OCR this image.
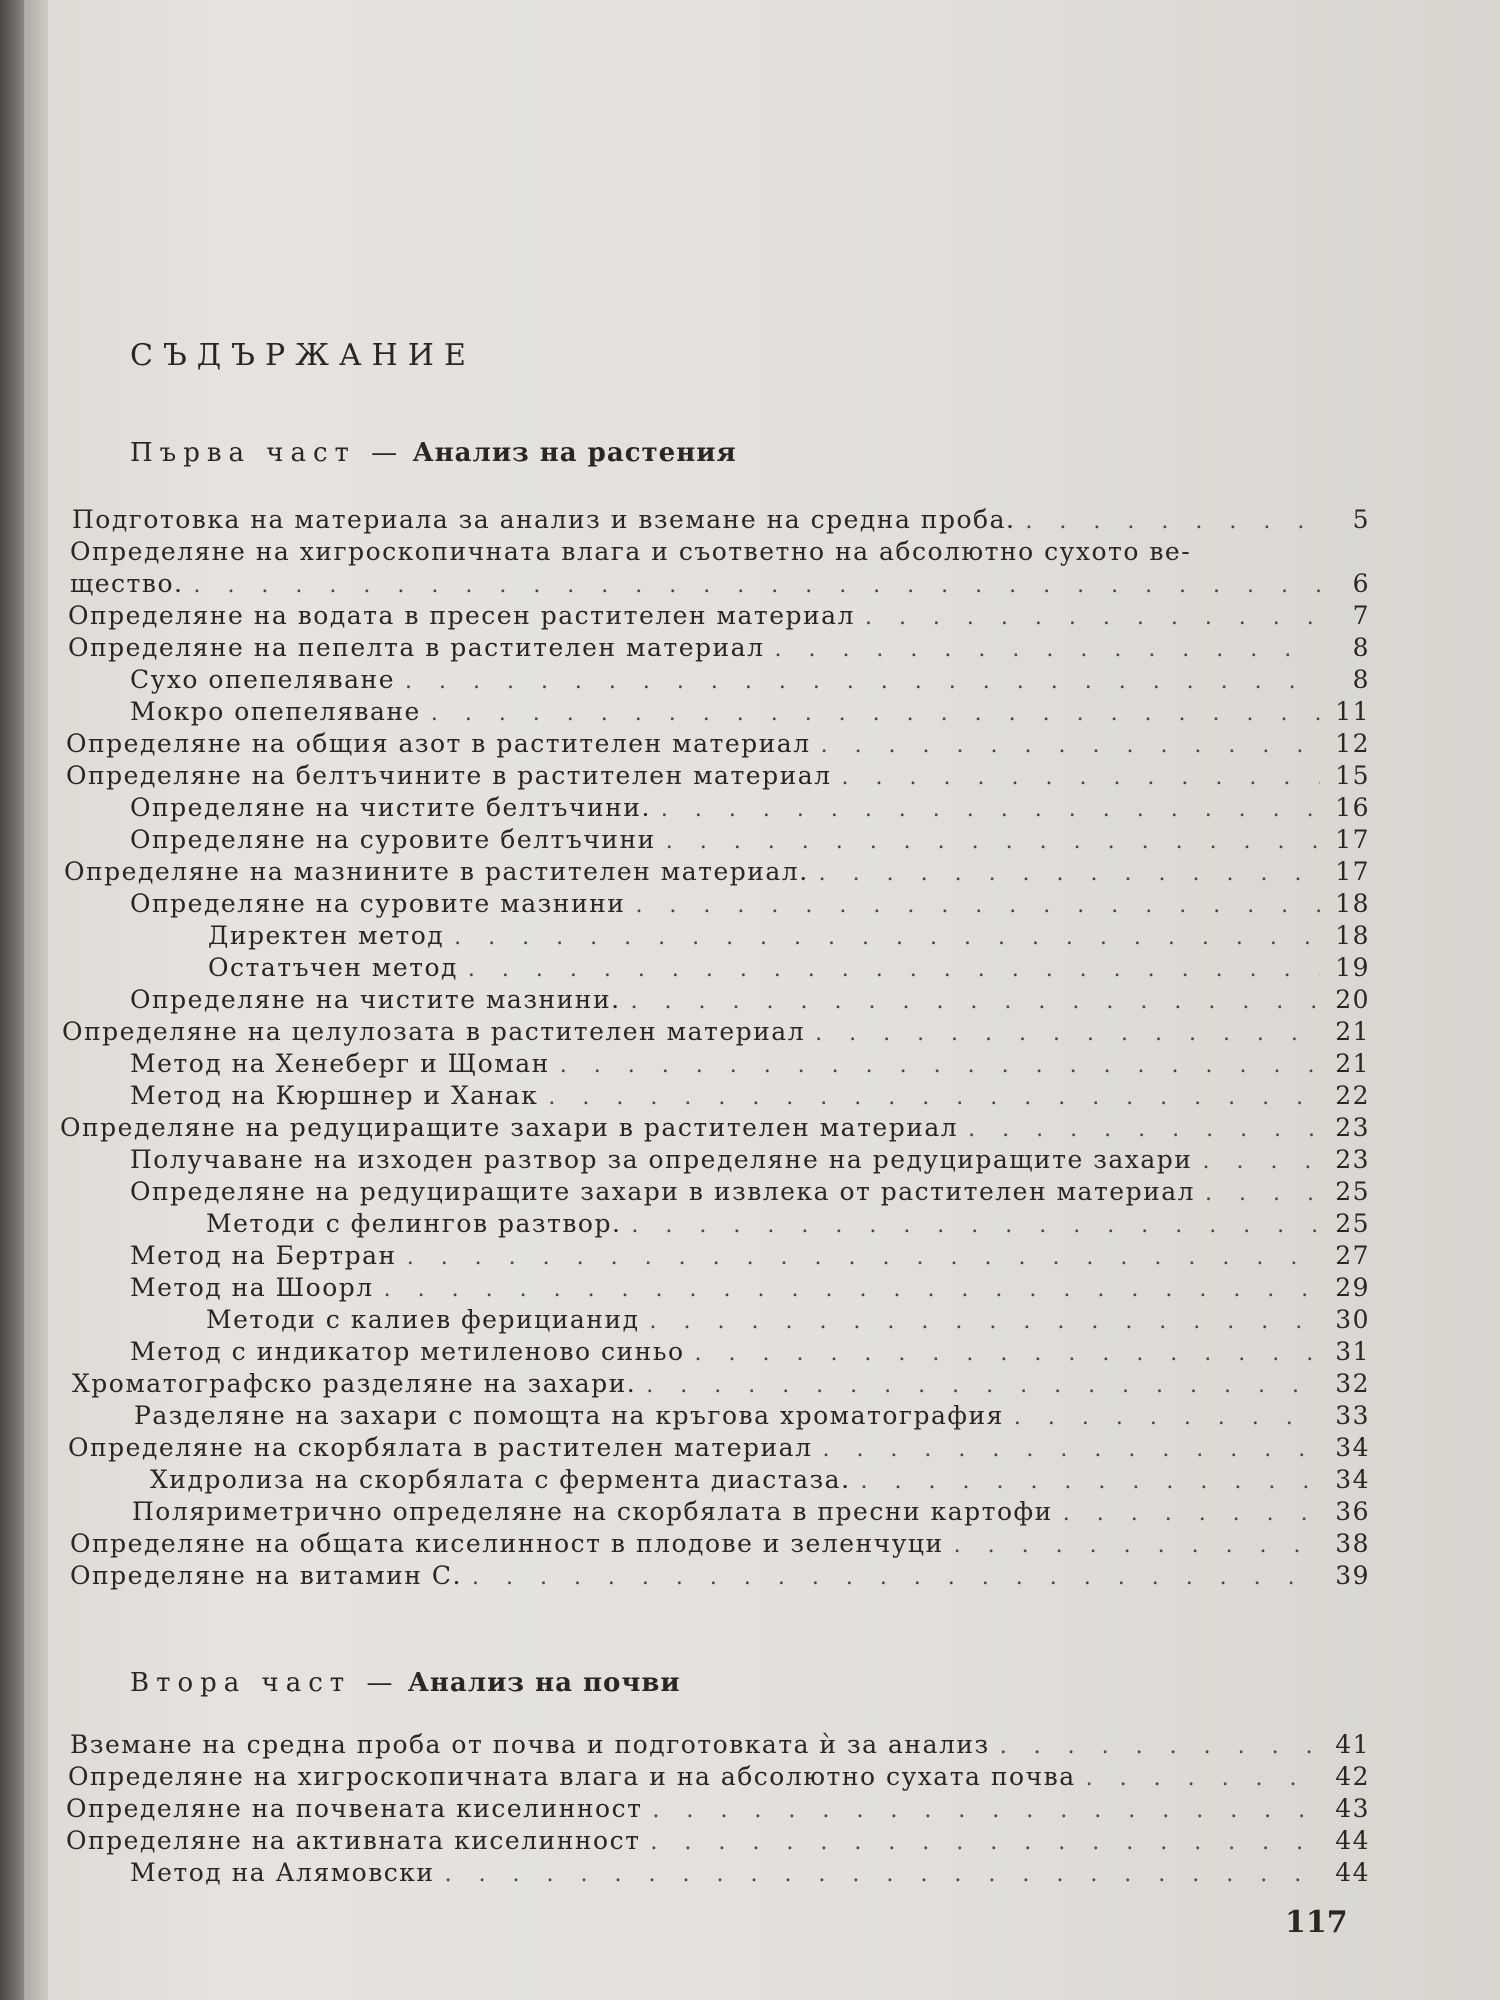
СЪДЪРЖАНИЕ
Първа част — Анализ на растения
Втора част — Анализ на почви
Подготовка на материала за анализ и вземане на средна проба. . . .	5
Определяне на хигроскопичната влага и съответно на абсолютно сухото ве-
щество. . . .	6
Определяне на водата в пресен растителен материал . . .	7
Определяне на пепелта в растителен материал . . .	8
Сухо опепеляване . . .	8
Мокро опепеляване . . .	11
Определяне на общия азот в растителен материал . . .	12
Определяне на белтъчините в растителен материал . . .	15
Определяне на чистите белтъчини. . . .	16
Определяне на суровите белтъчини . . .	17
Определяне на мазнините в растителен материал. . . .	17
Определяне на суровите мазнини . . .	18
Директен метод . . .	18
Остатъчен метод . . .	19
Определяне на чистите мазнини. . . .	20
Определяне на целулозата в растителен материал . . .	21
Метод на Хенеберг и Щоман . . .	21
Метод на Кюршнер и Ханак . . .	22
Определяне на редуциращите захари в растителен материал . . .	23
Получаване на изходен разтвор за определяне на редуциращите захари . . .	23
Определяне на редуциращите захари в извлека от растителен материал . . .	25
Методи с фелингов разтвор. . . .	25
Метод на Бертран . . .	27
Метод на Шоорл . . .	29
Методи с калиев ферицианид . . .	30
Метод с индикатор метиленово синьо . . .	31
Хроматографско разделяне на захари. . . .	32
Разделяне на захари с помощта на кръгова хроматография . . .	33
Определяне на скорбялата в растителен материал . . .	34
Хидролиза на скорбялата с фермента диастаза. . . .	34
Поляриметрично определяне на скорбялата в пресни картофи . . .	36
Определяне на общата киселинност в плодове и зеленчуци . . .	38
Определяне на витамин С. . . .	39
Вземане на средна проба от почва и подготовката ѝ за анализ . . .	41
Определяне на хигроскопичната влага и на абсолютно сухата почва . . .	42
Определяне на почвената киселинност . . .	43
Определяне на активната киселинност . . .	44
Метод на Алямовски . . .	44
117
